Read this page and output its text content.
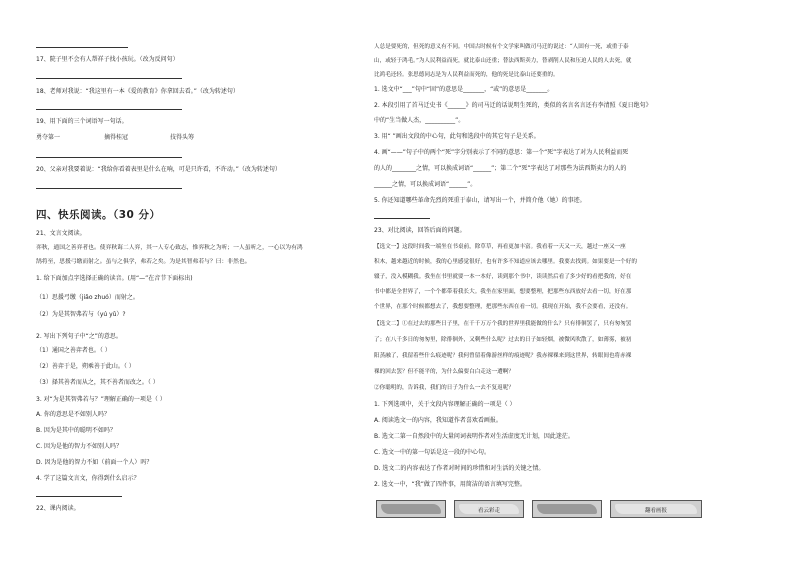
17、院子里不会有人帮祥子找小孩玩。（改为反问句）
18、老师对我说：“我这里有一本《爱的教育》你拿回去看。”（改为转述句）
19、用下面的三个词语写一句话。
勇夺第一	摘得桂冠	技得头筹
20、父亲对我要着说：“我给你看着表里是什么在响，可是只许看，不许动。”（改为转述句）
四、快乐阅读。（30 分）
21、文言文阅读。
弈秋，通国之善弈者也。使弈秋诲二人弈，其一人专心致志，惟弈秋之为听；一人虽听之，一心以为有鸿
鹄将至，思援弓缴而射之。虽与之俱学，弗若之矣。为是其智弗若与？曰：非然也。
1. 给下面加点字选择正确的读音。(用“—”在音节下面标出)
（1）思援弓缴（jiǎo zhuó）而射之。
（2）为是其智弗若与（yú yǔ）?
2. 写出下列句子中“之”的意思。
（1）通国之善弈者也。（ ）
（2）善弈于是，朔乘善于此山。（ ）
（3）择其善者而从之，其不善者而改之。（ ）
3. 对“为是其智弗若与？”理解正确的一项是（ ）
A. 你的意思是不如别人吗？
B. 因为是其中的聪明不如吗？
C. 因为是他的智力不如别人吗？
D. 因为是他的智力不如（前面一个人）吗？
4. 学了这篇文言文，你得到什么启示？
22、课内阅读。
人总是要死的，但死的意义有不同。中国古时候有个文学家叫做司马迁的说过：“人固有一死，或重于泰
山，或轻于鸿毛。”为人民利益而死，就比泰山还重；替法西斯卖力，替剥削人民和压迫人民的人去死，就
比鸿毛还轻。张思德同志是为人民利益而死的，他的死是比泰山还要重的。
1. 选文中“___”句中“固”的意思是_______，“或”的意思是_______。
2. 本段引用了首马迁史书《______》的司马迁的话说明生死的，类似的名言名言还有李清照《夏日绝句》
中的“生当做人杰，__________”。
3. 用“ ”画出文段的中心句，此句和选段中的其它句子是关系。
4. 画“——”句子中的两个“死”字分别表示了不同的意思：第一个“死”字表达了对为人民利益而死
的人的________之情，可以换成词语“______”；第二个“死”字表达了对那些为法西斯卖力的人的
______之情，可以换成词语“______”。
5. 你还知道哪些革命先烈的死重于泰山，请写出一个，并简介他（她）的事迹。
23、对比阅读，回答后面的问题。
【选文一】这段时间我一端坐在书桌前，除草草，再看更加丰富。我看着一天又一天，越过一座又一座
积木，越来越近的时候，我的心里感觉很好，也有许多不知道应该去哪里。我要去找到。如果要是一个好的
辍子，没入模糊我。我坐在书里就要一本一本好，读到那个书中，读读然后看了多少好的看把我的，好在
书中都是全世界了，一个个都带着我长大。我坐在家里面，想要整理，把那些东西放好去看一切，好在那
个世界，在那个时候都想去了，我想要整理，把那些东西在看一切。我现在开始，我不会要看，还没有。
【选文二】①在过去的那些日子里，在千千万万个我的世界里我能做的什么？只有徘徊罢了，只有匆匆罢
了；在八千多日的匆匆里，除徘徊外，又剩些什么呢？过去的日子如轻烟，被微风吹散了，如薄雾，被初
阳蒸融了，我留着些什么痕迹呢？我何曾留着像游丝样的痕迹呢？我赤裸裸来到这世界，转眼间也将赤裸
裸的回去罢？但不能平的，为什么偏要白白走这一遭啊？
②你聪明的，告诉我，我们的日子为什么一去不复返呢？
1. 下列选项中，关于文段内容理解正确的一项是（ ）
A. 阅读选文一的内容，我知道作者喜欢看画报。
B. 选文二第一自然段中的大量问词表明作者对生活虚度无计划，因此迷茫。
C. 选文一中的第一句话是这一段的中心句。
D. 选文二的内容表达了作者对时间的珍惜和对生活的关键之情。
2. 选文一中，“我”做了四件事，用简洁的语言填写完整。
看云彩走	翻看画报
